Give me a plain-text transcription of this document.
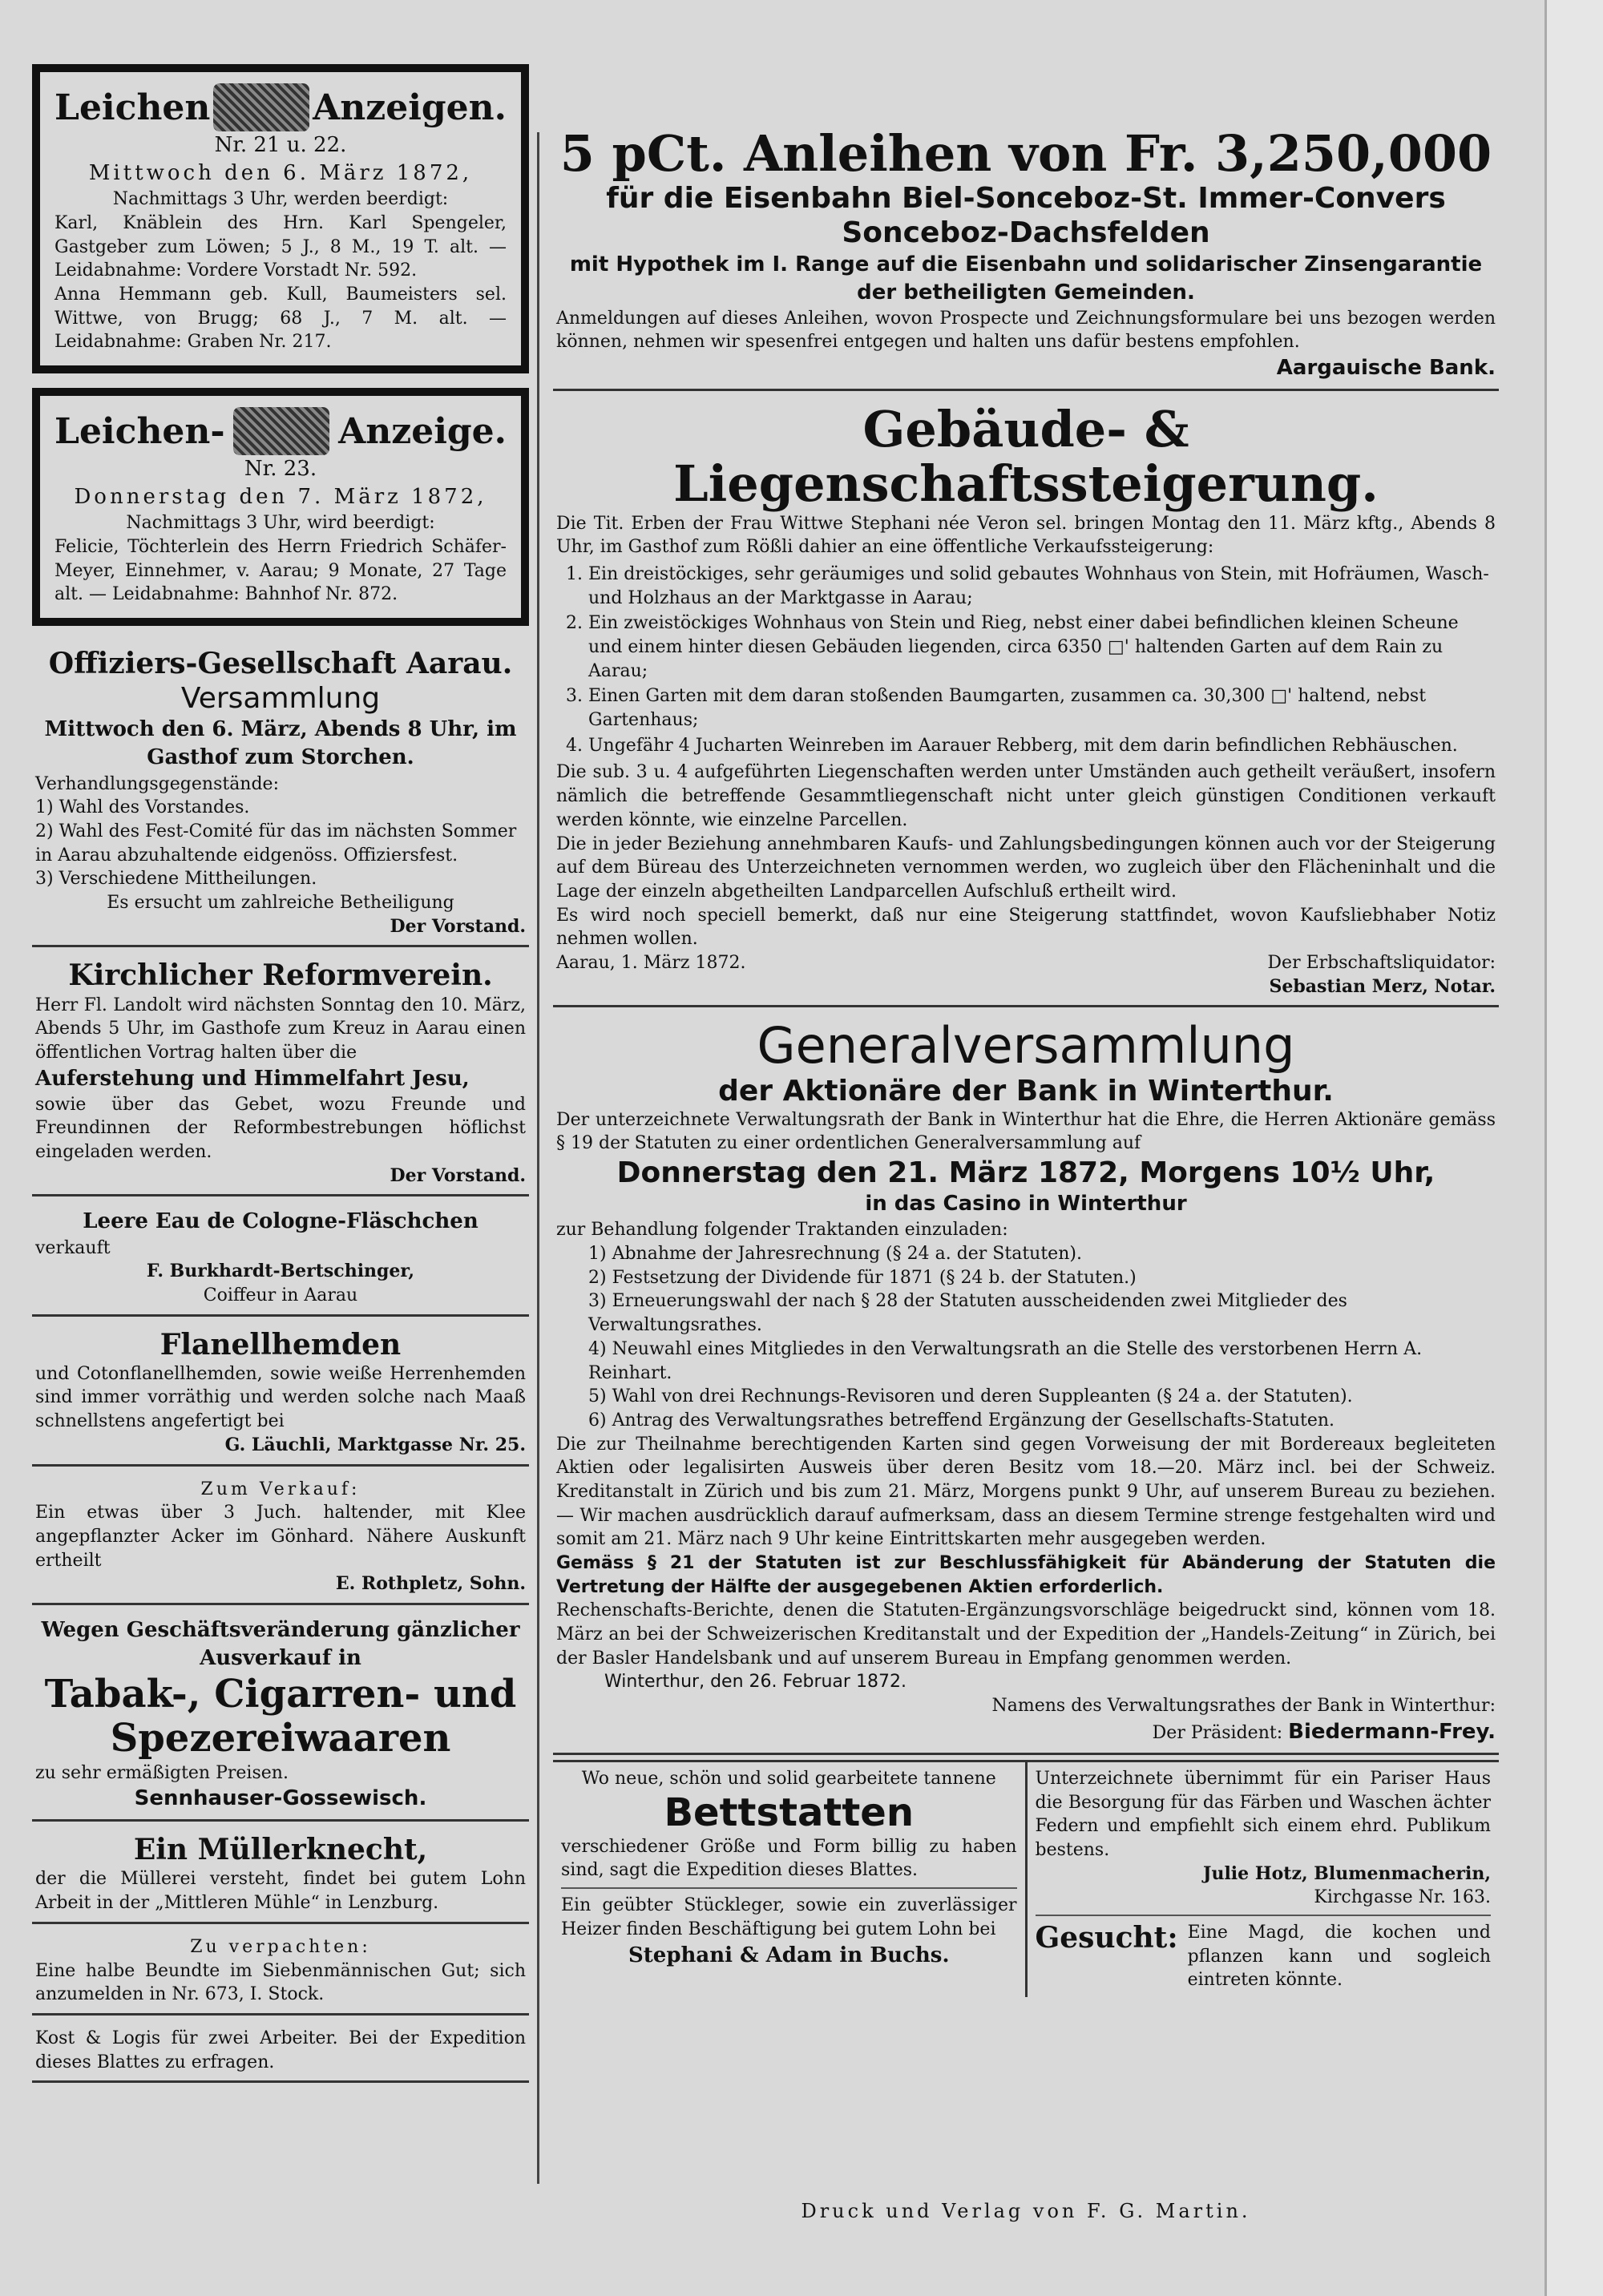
Leichen	Anzeigen.
Nr. 21 u. 22.
Mittwoch den 6. März 1872,
Nachmittags 3 Uhr, werden beerdigt:
Karl, Knäblein des Hrn. Karl Spengeler, Gastgeber zum Löwen; 5 J., 8 M., 19 T. alt. — Leidabnahme: Vordere Vorstadt Nr. 592.
Anna Hemmann geb. Kull, Baumeisters sel. Wittwe, von Brugg; 68 J., 7 M. alt. — Leidabnahme: Graben Nr. 217.
Leichen-	Anzeige.
Nr. 23.
Donnerstag den 7. März 1872,
Nachmittags 3 Uhr, wird beerdigt:
Felicie, Töchterlein des Herrn Friedrich Schäfer-Meyer, Einnehmer, v. Aarau; 9 Monate, 27 Tage alt. — Leidabnahme: Bahnhof Nr. 872.
Offiziers-Gesellschaft Aarau.
Versammlung
Mittwoch den 6. März, Abends 8 Uhr, im Gasthof zum Storchen.
Verhandlungsgegenstände:
1) Wahl des Vorstandes.
2) Wahl des Fest-Comité für das im nächsten Sommer in Aarau abzuhaltende eidgenöss. Offiziersfest.
3) Verschiedene Mittheilungen.
Es ersucht um zahlreiche Betheiligung
Der Vorstand.
Kirchlicher Reformverein.
Herr Fl. Landolt wird nächsten Sonntag den 10. März, Abends 5 Uhr, im Gasthofe zum Kreuz in Aarau einen öffentlichen Vortrag halten über die
Auferstehung und Himmelfahrt Jesu,
sowie über das Gebet, wozu Freunde und Freundinnen der Reformbestrebungen höflichst eingeladen werden.
Der Vorstand.
Leere Eau de Cologne-Fläschchen
verkauft
F. Burkhardt-Bertschinger,
Coiffeur in Aarau
Flanellhemden
und Cotonflanellhemden, sowie weiße Herrenhemden sind immer vorräthig und werden solche nach Maaß schnellstens angefertigt bei
G. Läuchli, Marktgasse Nr. 25.
Zum Verkauf:
Ein etwas über 3 Juch. haltender, mit Klee angepflanzter Acker im Gönhard. Nähere Auskunft ertheilt
E. Rothpletz, Sohn.
Wegen Geschäftsveränderung gänzlicher Ausverkauf in
Tabak-, Cigarren- und Spezereiwaaren
zu sehr ermäßigten Preisen.
Sennhauser-Gossewisch.
Ein Müllerknecht,
der die Müllerei versteht, findet bei gutem Lohn Arbeit in der „Mittleren Mühle“ in Lenzburg.
Zu verpachten:
Eine halbe Beundte im Siebenmännischen Gut; sich anzumelden in Nr. 673, I. Stock.
Kost & Logis für zwei Arbeiter. Bei der Expedition dieses Blattes zu erfragen.
5 pCt. Anleihen von Fr. 3,250,000
für die Eisenbahn Biel-Sonceboz-St. Immer-Convers
Sonceboz-Dachsfelden
mit Hypothek im I. Range auf die Eisenbahn und solidarischer Zinsengarantie der betheiligten Gemeinden.
Anmeldungen auf dieses Anleihen, wovon Prospecte und Zeichnungsformulare bei uns bezogen werden können, nehmen wir spesenfrei entgegen und halten uns dafür bestens empfohlen.
Aargauische Bank.
Gebäude- & Liegenschaftssteigerung.
Die Tit. Erben der Frau Wittwe Stephani née Veron sel. bringen Montag den 11. März kftg., Abends 8 Uhr, im Gasthof zum Rößli dahier an eine öffentliche Verkaufssteigerung:
1. Ein dreistöckiges, sehr geräumiges und solid gebautes Wohnhaus von Stein, mit Hofräumen, Wasch- und Holzhaus an der Marktgasse in Aarau;
2. Ein zweistöckiges Wohnhaus von Stein und Rieg, nebst einer dabei befindlichen kleinen Scheune und einem hinter diesen Gebäuden liegenden, circa 6350 □' haltenden Garten auf dem Rain zu Aarau;
3. Einen Garten mit dem daran stoßenden Baumgarten, zusammen ca. 30,300 □' haltend, nebst Gartenhaus;
4. Ungefähr 4 Jucharten Weinreben im Aarauer Rebberg, mit dem darin befindlichen Rebhäuschen.
Die sub. 3 u. 4 aufgeführten Liegenschaften werden unter Umständen auch getheilt veräußert, insofern nämlich die betreffende Gesammtliegenschaft nicht unter gleich günstigen Conditionen verkauft werden könnte, wie einzelne Parcellen.
Die in jeder Beziehung annehmbaren Kaufs- und Zahlungsbedingungen können auch vor der Steigerung auf dem Büreau des Unterzeichneten vernommen werden, wo zugleich über den Flächeninhalt und die Lage der einzeln abgetheilten Landparcellen Aufschluß ertheilt wird.
Es wird noch speciell bemerkt, daß nur eine Steigerung stattfindet, wovon Kaufsliebhaber Notiz nehmen wollen.
Aarau, 1. März 1872.	Der Erbschaftsliquidator:
Sebastian Merz, Notar.
Generalversammlung
der Aktionäre der Bank in Winterthur.
Der unterzeichnete Verwaltungsrath der Bank in Winterthur hat die Ehre, die Herren Aktionäre gemäss § 19 der Statuten zu einer ordentlichen Generalversammlung auf
Donnerstag den 21. März 1872, Morgens 10½ Uhr,
in das Casino in Winterthur
zur Behandlung folgender Traktanden einzuladen:
1) Abnahme der Jahresrechnung (§ 24 a. der Statuten).
2) Festsetzung der Dividende für 1871 (§ 24 b. der Statuten.)
3) Erneuerungswahl der nach § 28 der Statuten ausscheidenden zwei Mitglieder des Verwaltungsrathes.
4) Neuwahl eines Mitgliedes in den Verwaltungsrath an die Stelle des verstorbenen Herrn A. Reinhart.
5) Wahl von drei Rechnungs-Revisoren und deren Suppleanten (§ 24 a. der Statuten).
6) Antrag des Verwaltungsrathes betreffend Ergänzung der Gesellschafts-Statuten.
Die zur Theilnahme berechtigenden Karten sind gegen Vorweisung der mit Bordereaux begleiteten Aktien oder legalisirten Ausweis über deren Besitz vom 18.—20. März incl. bei der Schweiz. Kreditanstalt in Zürich und bis zum 21. März, Morgens punkt 9 Uhr, auf unserem Bureau zu beziehen. — Wir machen ausdrücklich darauf aufmerksam, dass an diesem Termine strenge festgehalten wird und somit am 21. März nach 9 Uhr keine Eintrittskarten mehr ausgegeben werden.
Gemäss § 21 der Statuten ist zur Beschlussfähigkeit für Abänderung der Statuten die Vertretung der Hälfte der ausgegebenen Aktien erforderlich.
Rechenschafts-Berichte, denen die Statuten-Ergänzungsvorschläge beigedruckt sind, können vom 18. März an bei der Schweizerischen Kreditanstalt und der Expedition der „Handels-Zeitung“ in Zürich, bei der Basler Handelsbank und auf unserem Bureau in Empfang genommen werden.
Winterthur, den 26. Februar 1872.
Namens des Verwaltungsrathes der Bank in Winterthur:
Der Präsident: Biedermann-Frey.
Wo neue, schön und solid gearbeitete tannene
Bettstatten
verschiedener Größe und Form billig zu haben sind, sagt die Expedition dieses Blattes.
Ein geübter Stückleger, sowie ein zuverlässiger Heizer finden Beschäftigung bei gutem Lohn bei
Stephani & Adam in Buchs.
Unterzeichnete übernimmt für ein Pariser Haus die Besorgung für das Färben und Waschen ächter Federn und empfiehlt sich einem ehrd. Publikum bestens.
Julie Hotz, Blumenmacherin,
Kirchgasse Nr. 163.
Gesucht: Eine Magd, die kochen und pflanzen kann und sogleich eintreten könnte.
Druck und Verlag von F. G. Martin.
